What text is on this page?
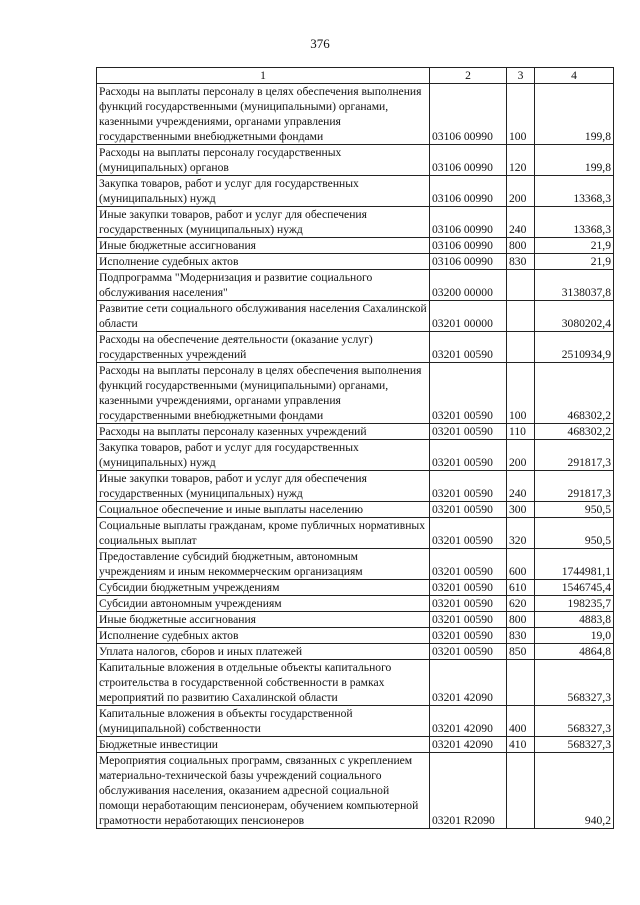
376
1	2	3	4
Расходы на выплаты персоналу в целях обеспечения выполнения функций государственными (муниципальными) органами, казенными учреждениями, органами управления государственными внебюджетными фондами	03106 00990	100	199,8
Расходы на выплаты персоналу государственных (муниципальных) органов	03106 00990	120	199,8
Закупка товаров, работ и услуг для государственных (муниципальных) нужд	03106 00990	200	13368,3
Иные закупки товаров, работ и услуг для обеспечения государственных (муниципальных) нужд	03106 00990	240	13368,3
Иные бюджетные ассигнования	03106 00990	800	21,9
Исполнение судебных актов	03106 00990	830	21,9
Подпрограмма "Модернизация и развитие социального обслуживания населения"	03200 00000		3138037,8
Развитие сети социального обслуживания населения Сахалинской области	03201 00000		3080202,4
Расходы на обеспечение деятельности (оказание услуг) государственных учреждений	03201 00590		2510934,9
Расходы на выплаты персоналу в целях обеспечения выполнения функций государственными (муниципальными) органами, казенными учреждениями, органами управления государственными внебюджетными фондами	03201 00590	100	468302,2
Расходы на выплаты персоналу казенных учреждений	03201 00590	110	468302,2
Закупка товаров, работ и услуг для государственных (муниципальных) нужд	03201 00590	200	291817,3
Иные закупки товаров, работ и услуг для обеспечения государственных (муниципальных) нужд	03201 00590	240	291817,3
Социальное обеспечение и иные выплаты населению	03201 00590	300	950,5
Социальные выплаты гражданам, кроме публичных нормативных социальных выплат	03201 00590	320	950,5
Предоставление субсидий бюджетным, автономным учреждениям и иным некоммерческим организациям	03201 00590	600	1744981,1
Субсидии бюджетным учреждениям	03201 00590	610	1546745,4
Субсидии автономным учреждениям	03201 00590	620	198235,7
Иные бюджетные ассигнования	03201 00590	800	4883,8
Исполнение судебных актов	03201 00590	830	19,0
Уплата налогов, сборов и иных платежей	03201 00590	850	4864,8
Капитальные вложения в отдельные объекты капитального строительства в государственной собственности в рамках мероприятий по развитию Сахалинской области	03201 42090		568327,3
Капитальные вложения в объекты государственной (муниципальной) собственности	03201 42090	400	568327,3
Бюджетные инвестиции	03201 42090	410	568327,3
Мероприятия социальных программ, связанных с укреплением материально-технической базы учреждений социального обслуживания населения, оказанием адресной социальной помощи неработающим пенсионерам, обучением компьютерной грамотности неработающих пенсионеров	03201 R2090		940,2
